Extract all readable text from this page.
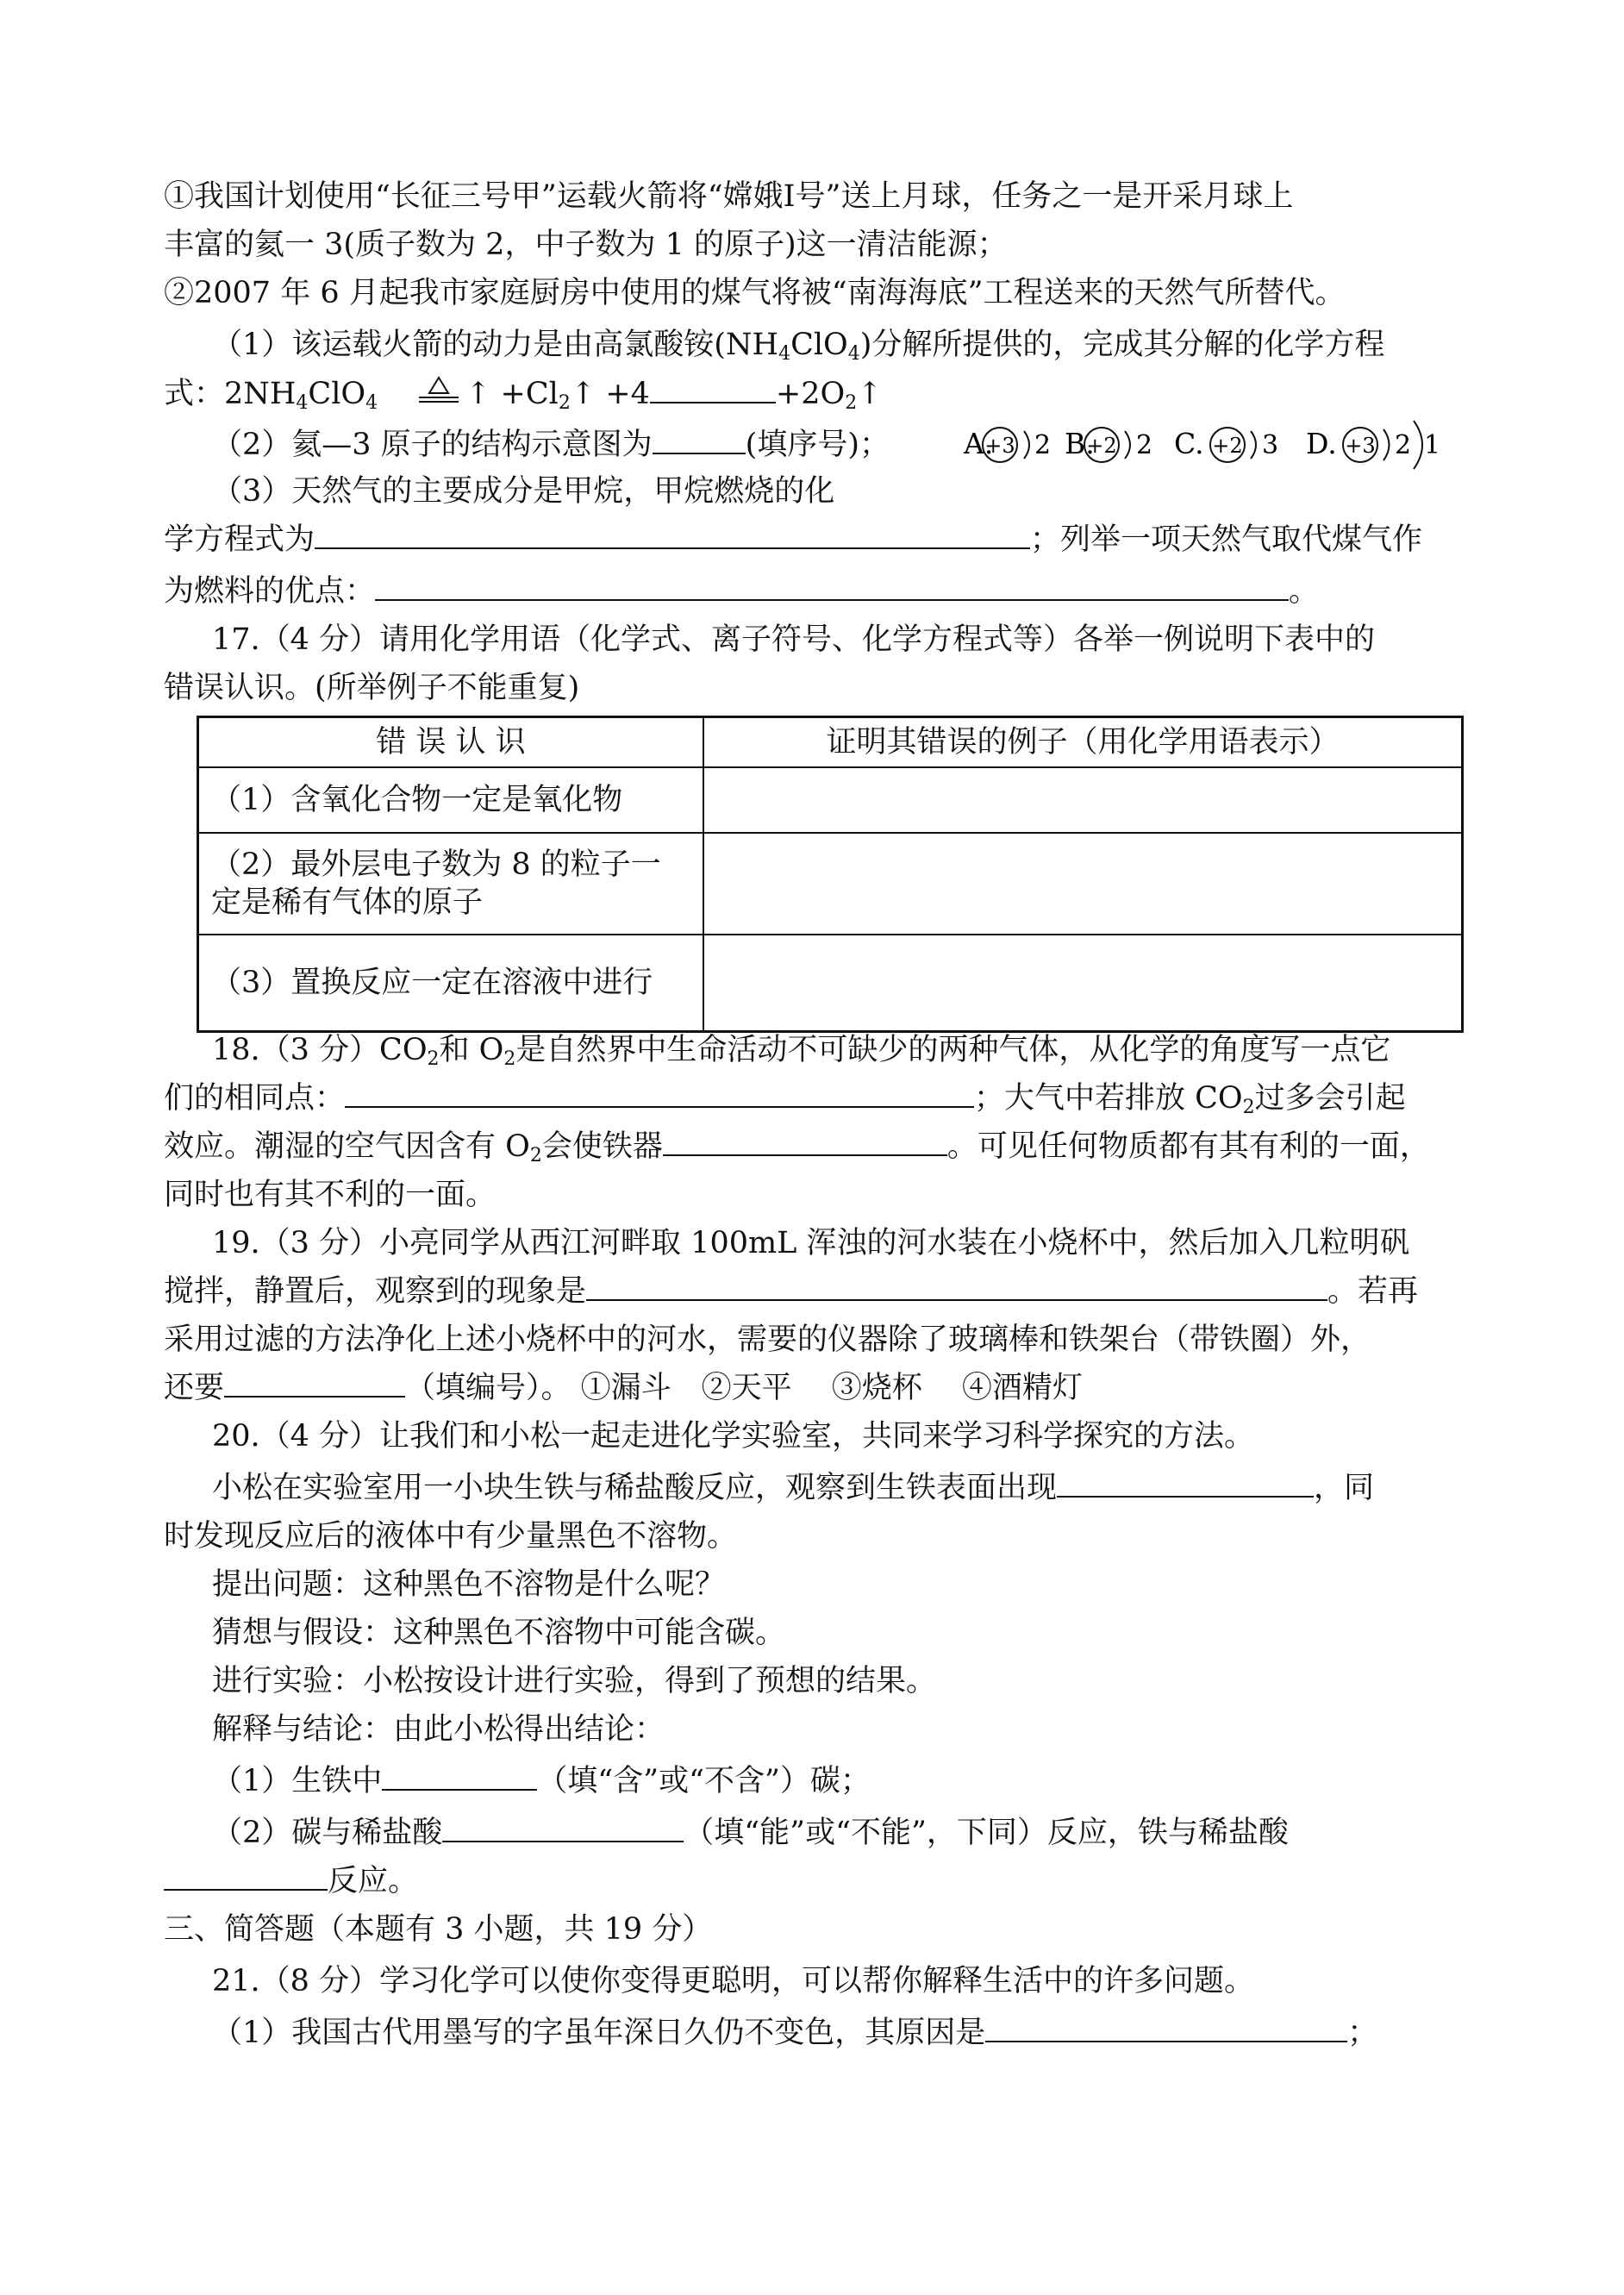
①我国计划使用“长征三号甲”运载火箭将“嫦娥Ⅰ号”送上月球，任务之一是开采月球上
丰富的氦一 3(质子数为 2，中子数为 1 的原子)这一清洁能源；
②2007 年 6 月起我市家庭厨房中使用的煤气将被“南海海底”工程送来的天然气所替代。
（1）该运载火箭的动力是由高氯酸铵$(NH_4ClO_4)$分解所提供的，完成其分解的化学方程
式：$2NH_4ClO_4$	↑ $+Cl_2↑ +4$	$+2O_2↑$
（2）氦—3 原子的结构示意图为	(填序号)；	A.
+3 2 B.
+2 2 C. +2 3 D. +3 2 1
（3）天然气的主要成分是甲烷，甲烷燃烧的化
学方程式为	；列举一项天然气取代煤气作
为燃料的优点：	。
17.（4 分）请用化学用语（化学式、离子符号、化学方程式等）各举一例说明下表中的
错误认识。(所举例子不能重复)
错 误 认 识	证明其错误的例子（用化学用语表示）
（1）含氧化合物一定是氧化物	

（2）最外层电子数为 8 的粒子一
定是稀有气体的原子	

（3）置换反应一定在溶液中进行	
18.（3 分）$CO_2$和 $O_2$是自然界中生命活动不可缺少的两种气体，从化学的角度写一点它
们的相同点：	；大气中若排放 $CO_2$过多会引起
效应。潮湿的空气因含有 $O_2$会使铁器	。可见任何物质都有其有利的一面，
同时也有其不利的一面。
19.（3 分）小亮同学从西江河畔取 100mL 浑浊的河水装在小烧杯中，然后加入几粒明矾
搅拌，静置后，观察到的现象是	。若再
采用过滤的方法净化上述小烧杯中的河水，需要的仪器除了玻璃棒和铁架台（带铁圈）外，
还要	（填编号）。 ①漏斗　②天平　 ③烧杯　 ④酒精灯
20.（4 分）让我们和小松一起走进化学实验室，共同来学习科学探究的方法。
小松在实验室用一小块生铁与稀盐酸反应，观察到生铁表面出现	，同
时发现反应后的液体中有少量黑色不溶物。
提出问题：这种黑色不溶物是什么呢？
猜想与假设：这种黑色不溶物中可能含碳。
进行实验：小松按设计进行实验，得到了预想的结果。
解释与结论：由此小松得出结论：
（1）生铁中	（填“含”或“不含”）碳；
（2）碳与稀盐酸	（填“能”或“不能”，下同）反应，铁与稀盐酸
反应。
三、简答题（本题有 3 小题，共 19 分）
21.（8 分）学习化学可以使你变得更聪明，可以帮你解释生活中的许多问题。
（1）我国古代用墨写的字虽年深日久仍不变色，其原因是	；
